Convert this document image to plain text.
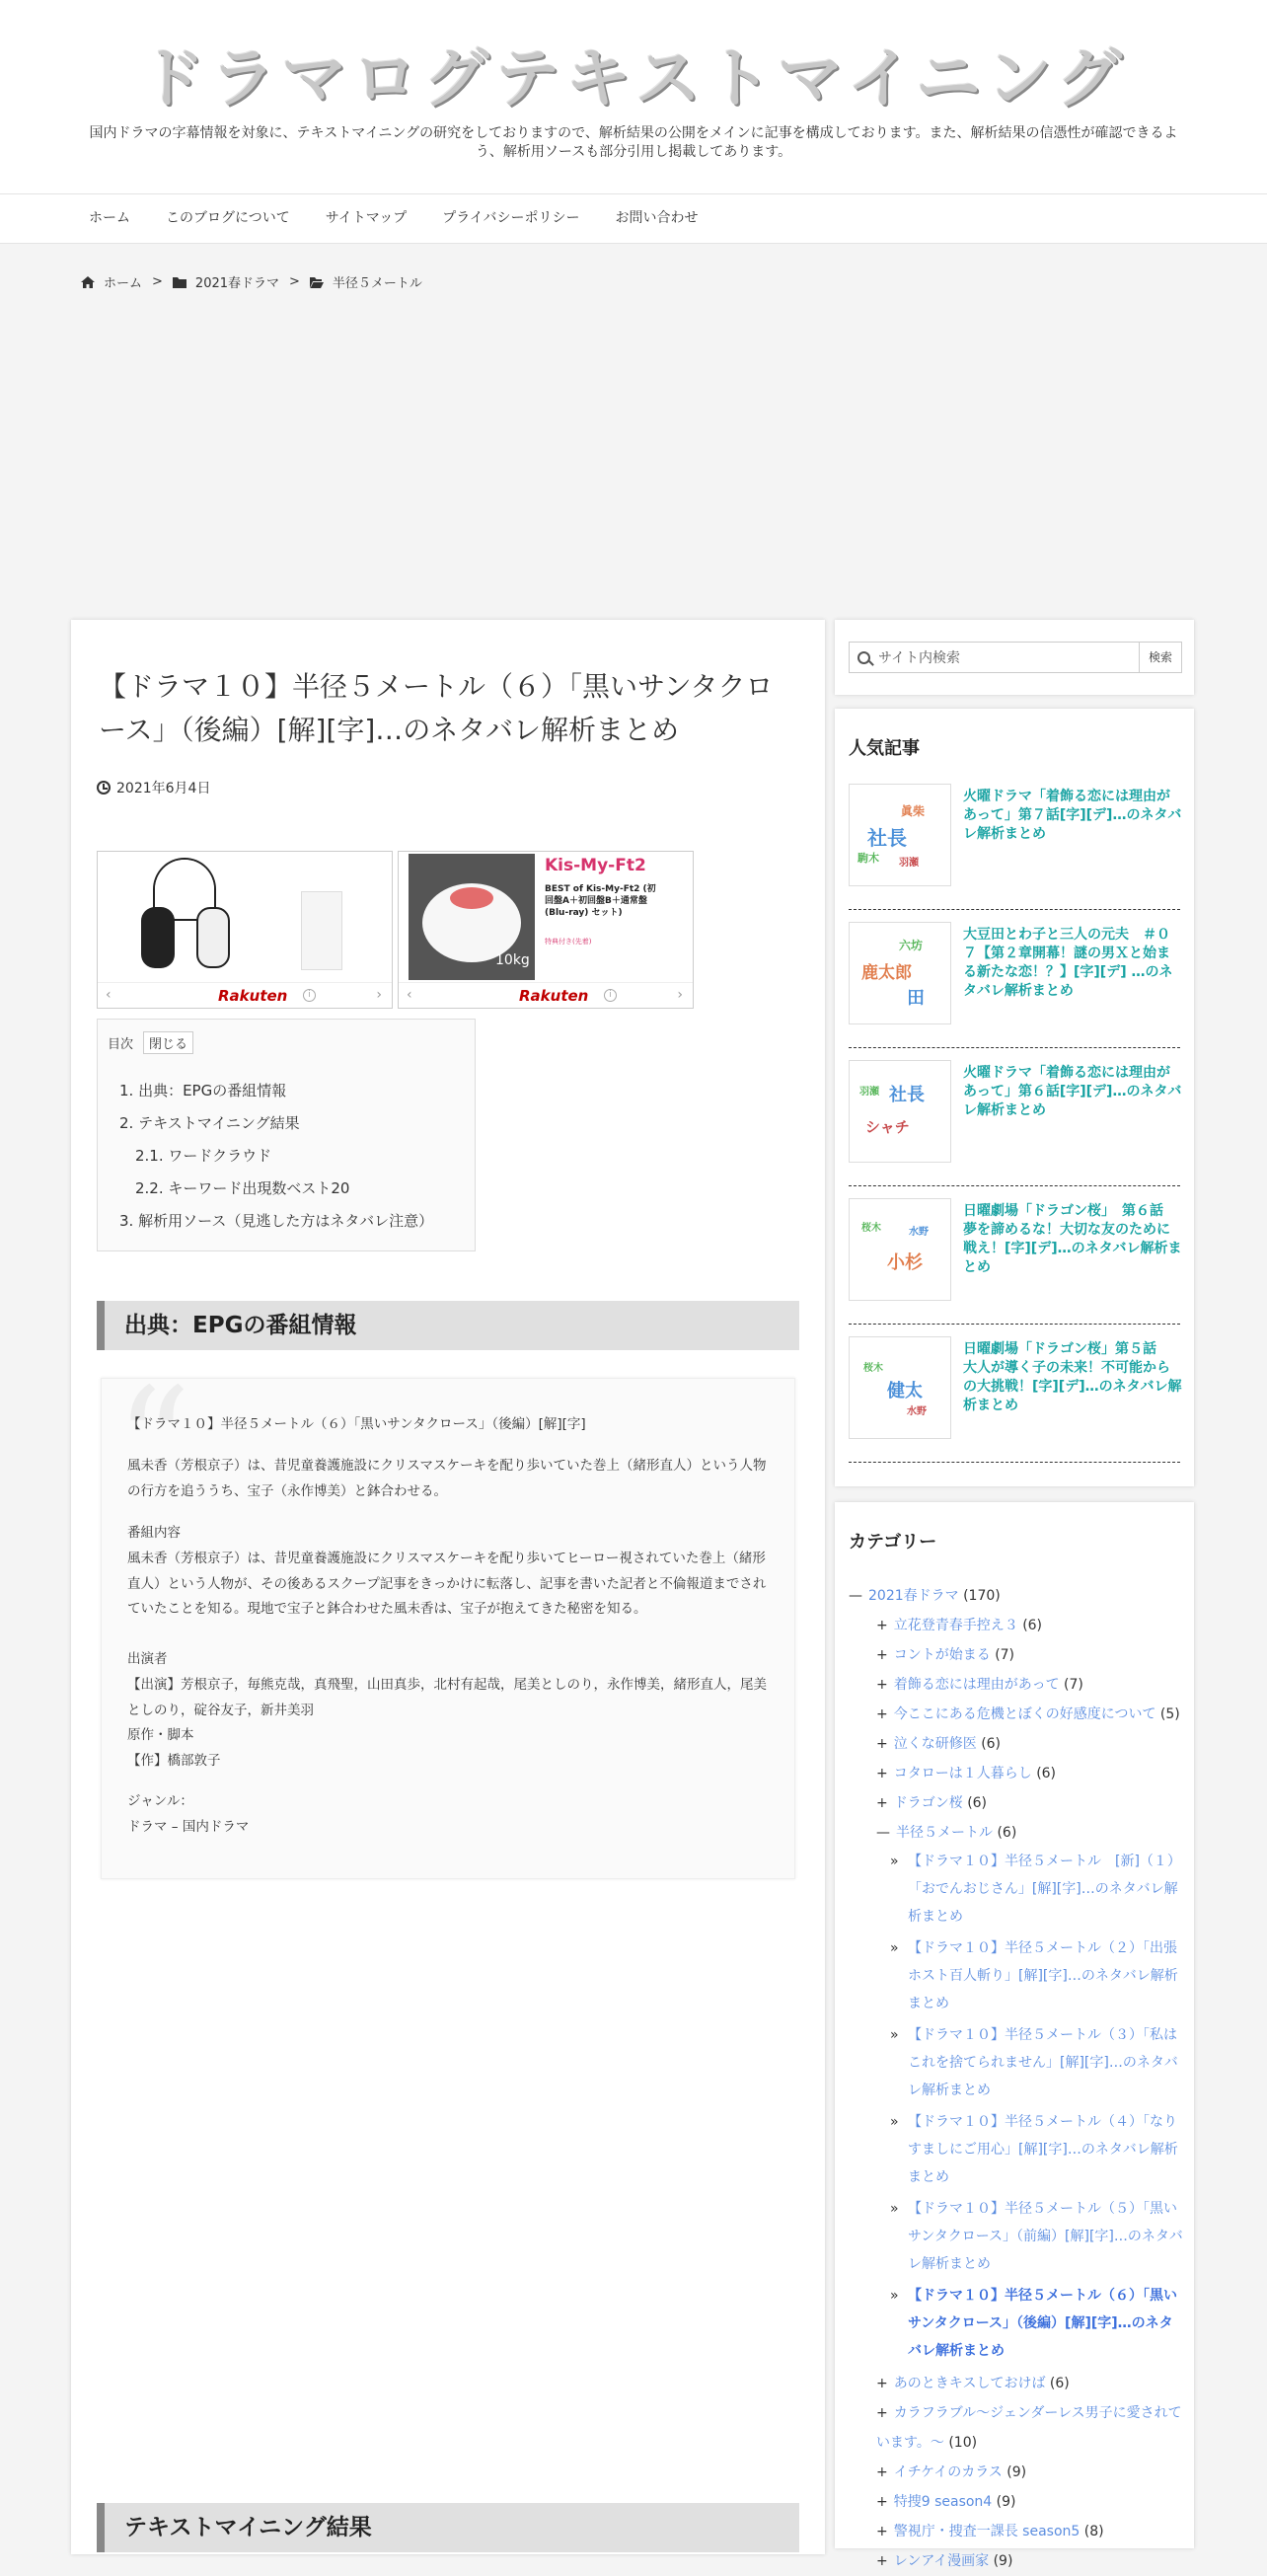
ドラマログテキストマイニング
国内ドラマの字幕情報を対象に、テキストマイニングの研究をしておりますので、解析結果の公開をメインに記事を構成しております。また、解析結果の信憑性が確認できるよう、解析用ソースも部分引用し掲載してあります。
ホーム	このブログについて	サイトマップ	プライバシーポリシー	お問い合わせ
ホーム >	2021春ドラマ >	半径５メートル
【ドラマ１０】半径５メートル（６）「黒いサンタクロース」（後編）[解][字]…のネタバレ解析まとめ
2021年6月4日
‹	Rakuten	i	›
10kg
Kis-My-Ft2
BEST of Kis-My-Ft2 (初回盤A＋初回盤B＋通常盤(Blu-ray) セット)
特典付き(先着)
‹	Rakuten	i	›
目次	閉じる
1. 出典：EPGの番組情報
2. テキストマイニング結果
2.1. ワードクラウド
2.2. キーワード出現数ベスト20
3. 解析用ソース（見逃した方はネタバレ注意）
出典：EPGの番組情報
“
【ドラマ１０】半径５メートル（６）「黒いサンタクロース」（後編）[解][字]
風未香（芳根京子）は、昔児童養護施設にクリスマスケーキを配り歩いていた巻上（緒形直人）という人物の行方を追ううち、宝子（永作博美）と鉢合わせる。
番組内容
風未香（芳根京子）は、昔児童養護施設にクリスマスケーキを配り歩いてヒーロー視されていた巻上（緒形直人）という人物が、その後あるスクープ記事をきっかけに転落し、記事を書いた記者と不倫報道までされていたことを知る。現地で宝子と鉢合わせた風未香は、宝子が抱えてきた秘密を知る。
出演者
【出演】芳根京子，毎熊克哉，真飛聖，山田真歩，北村有起哉，尾美としのり，永作博美，緒形直人，尾美としのり，碇谷友子，新井美羽
原作・脚本
【作】橋部敦子
ジャンル：
ドラマ – 国内ドラマ
テキストマイニング結果
サイト内検索	検索
人気記事
社長
眞柴
駒木 羽瀬
火曜ドラマ「着飾る恋には理由があって」第７話[字][デ]…のネタバレ解析まとめ
鹿太郎
六坊
田
大豆田とわ子と三人の元夫　＃０７【第２章開幕！謎の男Ｘと始まる新たな恋！？】[字][デ] …のネタバレ解析まとめ
社長
シャチ
羽瀬
火曜ドラマ「着飾る恋には理由があって」第６話[字][デ]…のネタバレ解析まとめ
小杉
桜木	水野
日曜劇場「ドラゴン桜」　第６話　夢を諦めるな！大切な友のために戦え！[字][デ]…のネタバレ解析まとめ
健太
桜木
水野
日曜劇場「ドラゴン桜」第５話　大人が導く子の未来！不可能からの大挑戦！[字][デ]…のネタバレ解析まとめ
カテゴリー
— 2021春ドラマ (170)
+ 立花登青春手控え３ (6)
+ コントが始まる (7)
+ 着飾る恋には理由があって (7)
+ 今ここにある危機とぼくの好感度について (5)
+ 泣くな研修医 (6)
+ コタローは１人暮らし (6)
+ ドラゴン桜 (6)
— 半径５メートル (6)
» 【ドラマ１０】半径５メートル　[新]（１）「おでんおじさん」[解][字]…のネタバレ解析まとめ
» 【ドラマ１０】半径５メートル（２）「出張ホスト百人斬り」[解][字]…のネタバレ解析まとめ
» 【ドラマ１０】半径５メートル（３）「私はこれを捨てられません」[解][字]…のネタバレ解析まとめ
» 【ドラマ１０】半径５メートル（４）「なりすましにご用心」[解][字]…のネタバレ解析まとめ
» 【ドラマ１０】半径５メートル（５）「黒いサンタクロース」（前編）[解][字]…のネタバレ解析まとめ
» 【ドラマ１０】半径５メートル（６）「黒いサンタクロース」（後編）[解][字]…のネタバレ解析まとめ
+ あのときキスしておけば (6)
+ カラフラブル～ジェンダーレス男子に愛されています。～ (10)
+ イチケイのカラス (9)
+ 特捜9 season4 (9)
+ 警視庁・捜査一課長 season5 (8)
+ レンアイ漫画家 (9)
